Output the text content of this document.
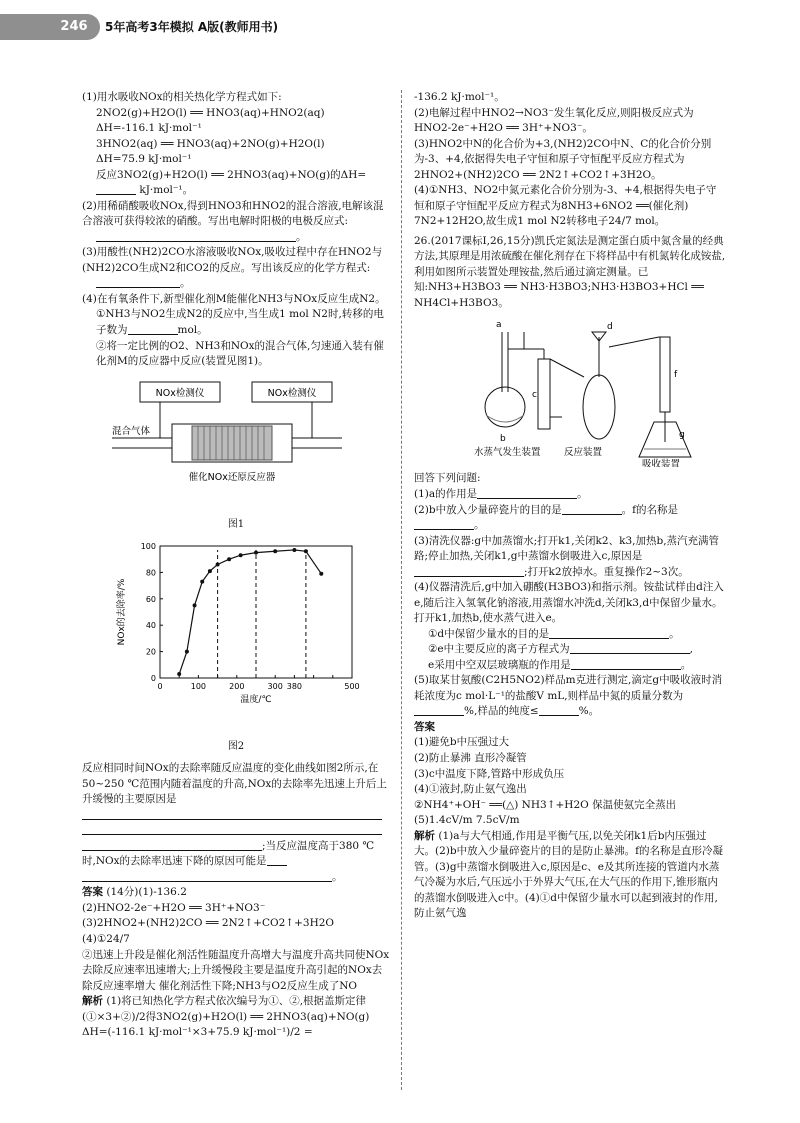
246 5年高考3年模拟 A版(教师用书)

(1)用水吸收NOx的相关热化学方程式如下:

2NO2(g)+H2O(l) ══ HNO3(aq)+HNO2(aq)

ΔH=-116.1 kJ·mol⁻¹

3HNO2(aq) ══ HNO3(aq)+2NO(g)+H2O(l)

ΔH=75.9 kJ·mol⁻¹

反应3NO2(g)+H2O(l) ══ 2HNO3(aq)+NO(g)的ΔH=

kJ·mol⁻¹。

(2)用稀硝酸吸收NOx,得到HNO3和HNO2的混合溶液,电解该混合溶液可获得较浓的硝酸。写出电解时阳极的电极反应式:

。

(3)用酸性(NH2)2CO水溶液吸收NOx,吸收过程中存在HNO2与(NH2)2CO生成N2和CO2的反应。写出该反应的化学方程式:

。

(4)在有氧条件下,新型催化剂M能催化NH3与NOx反应生成N2。

①NH3与NO2生成N2的反应中,当生成1 mol N2时,转移的电子数为	mol。

②将一定比例的O2、NH3和NOx的混合气体,匀速通入装有催化剂M的反应器中反应(装置见图1)。

NOx检测仪	NOx检测仪
混合气体
催化NOx还原反应器
图1
0	100	200	300 380	500
0
20
40
60
80
100
温度/℃
NOx的去除率/%
图2

反应相同时间NOx的去除率随反应温度的变化曲线如图2所示,在50~250 ℃范围内随着温度的升高,NOx的去除率先迅速上升后上升缓慢的主要原因是

;当反应温度高于380 ℃时,NOx的去除率迅速下降的原因可能是

。

答案 (14分)(1)-136.2

(2)HNO2-2e⁻+H2O ══ 3H⁺+NO3⁻

(3)2HNO2+(NH2)2CO ══ 2N2↑+CO2↑+3H2O

(4)①24/7

②迅速上升段是催化剂活性随温度升高增大与温度升高共同使NOx去除反应速率迅速增大;上升缓慢段主要是温度升高引起的NOx去除反应速率增大 催化剂活性下降;NH3与O2反应生成了NO

解析 (1)将已知热化学方程式依次编号为①、②,根据盖斯定律(①×3+②)/2得3NO2(g)+H2O(l) ══ 2HNO3(aq)+NO(g) ΔH=(-116.1 kJ·mol⁻¹×3+75.9 kJ·mol⁻¹)/2 =

-136.2 kJ·mol⁻¹。

(2)电解过程中HNO2→NO3⁻发生氧化反应,则阳极反应式为HNO2-2e⁻+H2O ══ 3H⁺+NO3⁻。

(3)HNO2中N的化合价为+3,(NH2)2CO中N、C的化合价分别为-3、+4,依据得失电子守恒和原子守恒配平反应方程式为2HNO2+(NH2)2CO ══ 2N2↑+CO2↑+3H2O。

(4)①NH3、NO2中氮元素化合价分别为-3、+4,根据得失电子守恒和原子守恒配平反应方程式为8NH3+6NO2 ══(催化剂) 7N2+12H2O,故生成1 mol N2转移电子24/7 mol。

26.(2017课标Ⅰ,26,15分)凯氏定氮法是测定蛋白质中氮含量的经典方法,其原理是用浓硫酸在催化剂存在下将样品中有机氮转化成铵盐,利用如图所示装置处理铵盐,然后通过滴定测量。已知:NH3+H3BO3 ══ NH3·H3BO3;NH3·H3BO3+HCl ══ NH4Cl+H3BO3。

a
c
b
f
g
d
水蒸气发生装置 反应装置
吸收装置

回答下列问题:

(1)a的作用是	。

(2)b中放入少量碎瓷片的目的是	。f的名称是。

(3)清洗仪器:g中加蒸馏水;打开k1,关闭k2、k3,加热b,蒸汽充满管路;停止加热,关闭k1,g中蒸馏水倒吸进入c,原因是;打开k2放掉水。重复操作2~3次。

(4)仪器清洗后,g中加入硼酸(H3BO3)和指示剂。铵盐试样由d注入e,随后注入氢氧化钠溶液,用蒸馏水冲洗d,关闭k3,d中保留少量水。打开k1,加热b,使水蒸气进入e。

①d中保留少量水的目的是	。

②e中主要反应的离子方程式为	,

e采用中空双层玻璃瓶的作用是	。

(5)取某甘氨酸(C2H5NO2)样品m克进行测定,滴定g中吸收液时消耗浓度为c mol·L⁻¹的盐酸V mL,则样品中氮的质量分数为%,样品的纯度≤	%。

答案

(1)避免b中压强过大

(2)防止暴沸 直形冷凝管

(3)c中温度下降,管路中形成负压

(4)①液封,防止氨气逸出

②NH4⁺+OH⁻ ══(△) NH3↑+H2O 保温使氨完全蒸出

(5)1.4cV/m 7.5cV/m

解析 (1)a与大气相通,作用是平衡气压,以免关闭k1后b内压强过大。(2)b中放入少量碎瓷片的目的是防止暴沸。f的名称是直形冷凝管。(3)g中蒸馏水倒吸进入c,原因是c、e及其所连接的管道内水蒸气冷凝为水后,气压远小于外界大气压,在大气压的作用下,锥形瓶内的蒸馏水倒吸进入c中。(4)①d中保留少量水可以起到液封的作用,防止氨气逸
